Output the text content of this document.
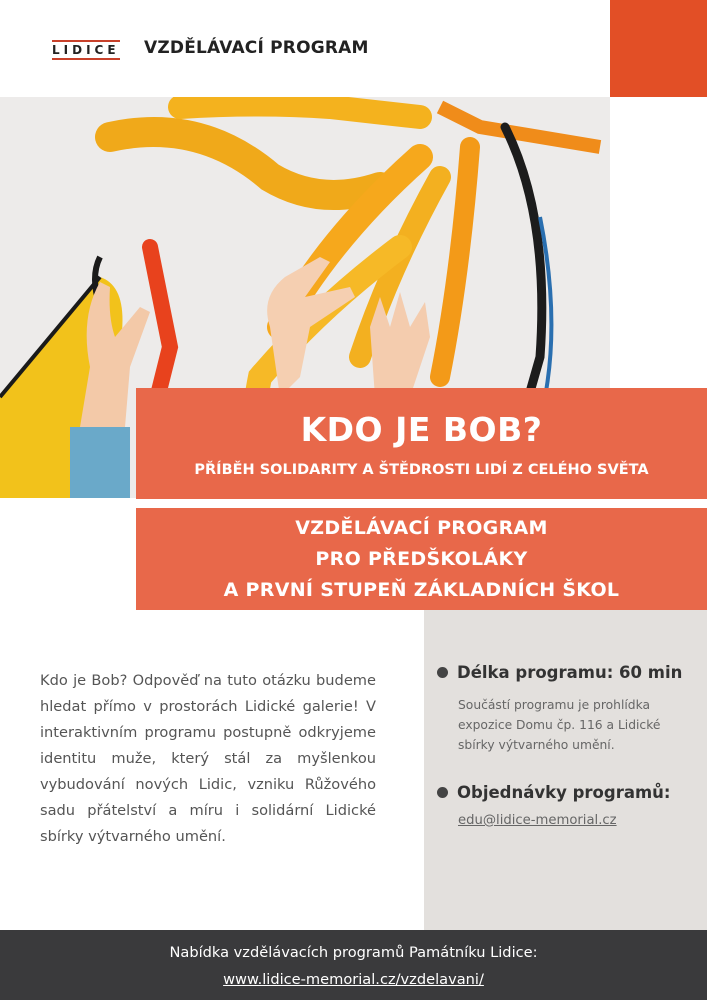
LIDICE VZDĚLÁVACÍ PROGRAM
KDO JE BOB?
PŘÍBĚH SOLIDARITY A ŠTĚDROSTI LIDÍ Z CELÉHO SVĚTA
VZDĚLÁVACÍ PROGRAM
PRO PŘEDŠKOLÁKY
A PRVNÍ STUPEŇ ZÁKLADNÍCH ŠKOL

Kdo je Bob? Odpověď na tuto otázku budeme hledat přímo v prostorách Lidické galerie! V interaktivním programu postupně odkryjeme identitu muže, který stál za myšlenkou vybudování nových Lidic, vzniku Růžového sadu přátelství a míru i solidární Lidické sbírky výtvarného umění.

Délka programu: 60 min
Součástí programu je prohlídka expozice Domu čp. 116 a Lidické sbírky výtvarného umění.
Objednávky programů:
edu@lidice-memorial.cz
Nabídka vzdělávacích programů Památníku Lidice:
www.lidice-memorial.cz/vzdelavani/
